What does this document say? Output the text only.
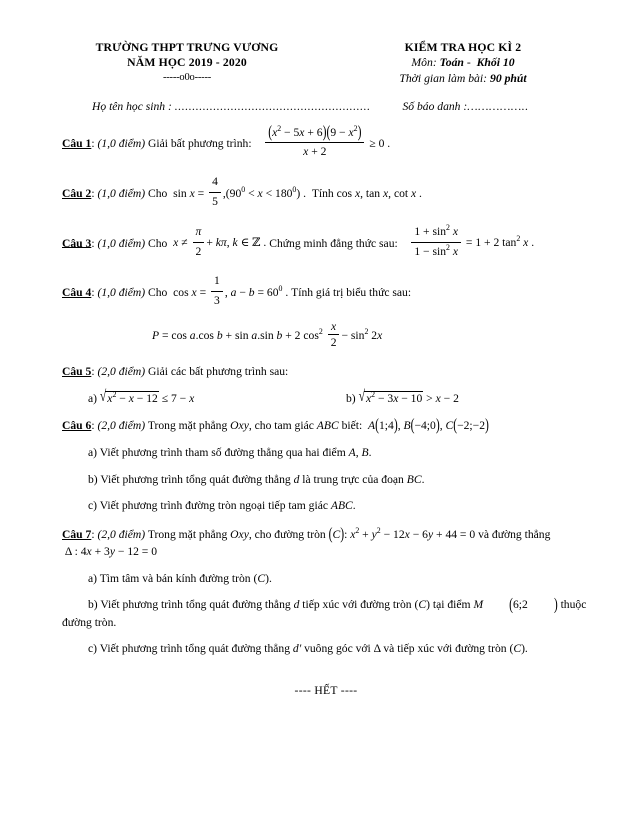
TRƯỜNG THPT TRƯNG VƯƠNG
NĂM HỌC 2019 - 2020
-----o0o-----
KIỂM TRA HỌC KÌ 2
Môn: Toán - Khối 10
Thời gian làm bài: 90 phút
Họ tên học sinh : ........................................................	Số báo danh :……………..
Câu 1: (1,0 điểm) Giải bất phương trình: $\frac{(x^2 - 5x + 6)(9 - x^2)}{x + 2} \ge 0$ .
Câu 2: (1,0 điểm) Cho  $\sin x = \frac{4}{5} ,(90^0 < x < 180^0)$ .  Tính cos x, tan x, cot x .
Câu 3: (1,0 điểm) Cho $x \ne \frac{\pi}{2} + k\pi$, k ∈ ℤ . Chứng minh đẳng thức sau: $\frac{1 + \sin^2 x}{1 - \sin^2 x} = 1 + 2$ $\tan^2 x$ .
Câu 4: (1,0 điểm) Cho  $\cos x = \frac{1}{3}$ , $a - b = 60^0$ . Tính giá trị biểu thức sau:
P = cos a.cos b + sin a.sin b + 2 $\cos^2 \frac{x}{2} - \sin^2 2x$
Câu 5: (2,0 điểm) Giải các bất phương trình sau:
a) $√x^2 - x - 12 \le 7 - x$	b) $√x^2 - 3x - 10 > x - 2$
Câu 6: (2,0 điểm) Trong mặt phẳng Oxy, cho tam giác ABC biết: A(1;4), B(−4;0), C(−2;−2)
a) Viết phương trình tham số đường thẳng qua hai điểm A, B.
b) Viết phương trình tổng quát đường thẳng d là trung trực của đoạn BC.
c) Viết phương trình đường tròn ngoại tiếp tam giác ABC.
Câu 7: (2,0 điểm) Trong mặt phẳng Oxy, cho đường tròn (C): $x^2 + y^2 - 12x - 6y + 44 = 0$ và đường thẳng  Δ : 4x + 3y − 12 = 0
a) Tìm tâm và bán kính đường tròn (C).
b) Viết phương trình tổng quát đường thẳng d tiếp xúc với đường tròn (C) tại điểm M (6;2 ) thuộc đường tròn.
c) Viết phương trình tổng quát đường thẳng d' vuông góc với Δ và tiếp xúc với đường tròn (C).
---- HẾT ----
